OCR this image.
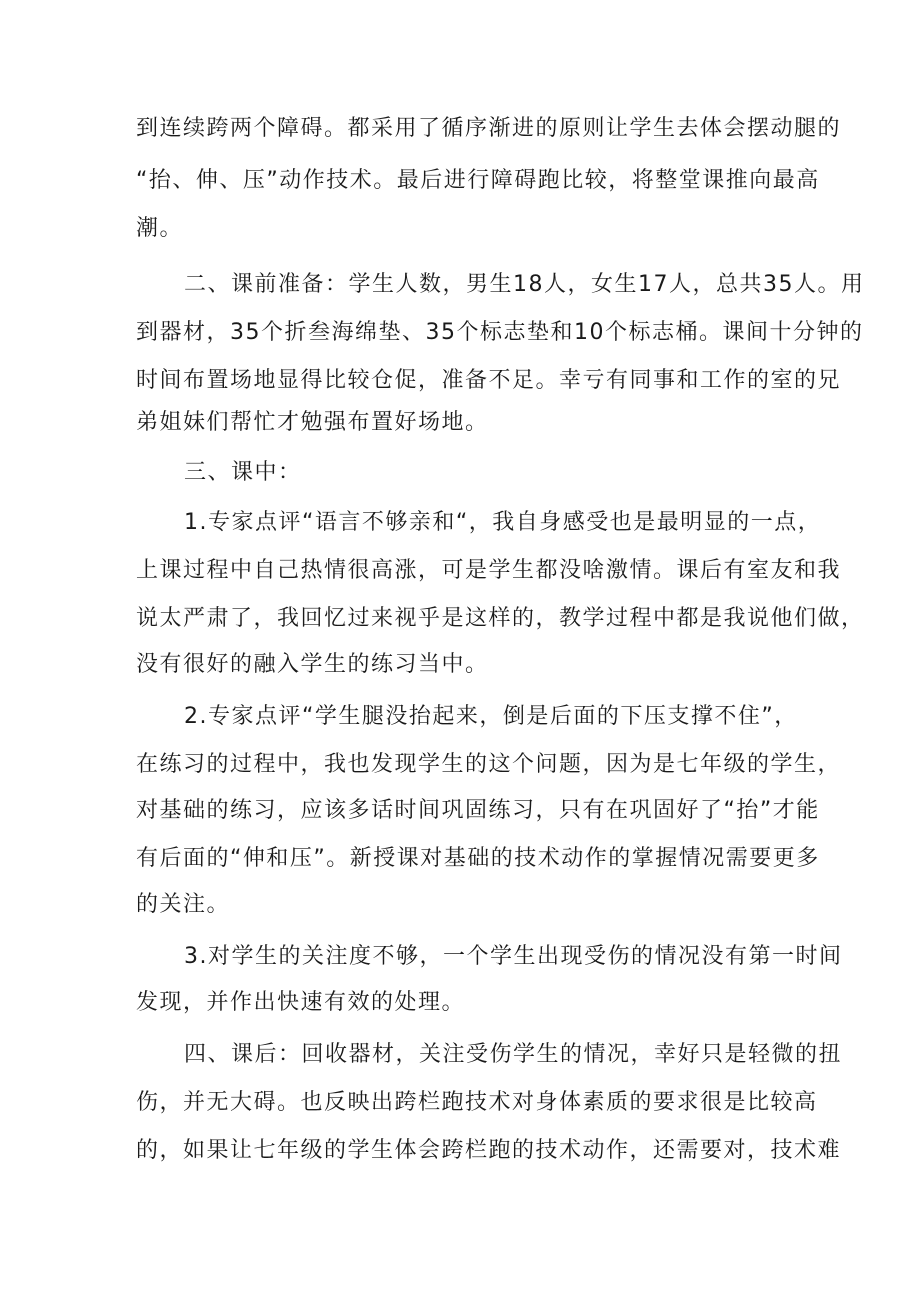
到连续跨两个障碍。都采用了循序渐进的原则让学生去体会摆动腿的
“抬、伸、压”动作技术。最后进行障碍跑比较，将整堂课推向最高
潮。
二、课前准备：学生人数，男生18人，女生17人，总共35人。用
到器材，35个折叁海绵垫、35个标志垫和10个标志桶。课间十分钟的
时间布置场地显得比较仓促，准备不足。幸亏有同事和工作的室的兄
弟姐妹们帮忙才勉强布置好场地。
三、课中：
1.专家点评“语言不够亲和“，我自身感受也是最明显的一点，
上课过程中自己热情很高涨，可是学生都没啥激情。课后有室友和我
说太严肃了，我回忆过来视乎是这样的，教学过程中都是我说他们做，
没有很好的融入学生的练习当中。
2.专家点评“学生腿没抬起来，倒是后面的下压支撑不住”，
在练习的过程中，我也发现学生的这个问题，因为是七年级的学生，
对基础的练习，应该多话时间巩固练习，只有在巩固好了“抬”才能
有后面的“伸和压”。新授课对基础的技术动作的掌握情况需要更多
的关注。
3.对学生的关注度不够，一个学生出现受伤的情况没有第一时间
发现，并作出快速有效的处理。
四、课后：回收器材，关注受伤学生的情况，幸好只是轻微的扭
伤，并无大碍。也反映出跨栏跑技术对身体素质的要求很是比较高
的，如果让七年级的学生体会跨栏跑的技术动作，还需要对，技术难
